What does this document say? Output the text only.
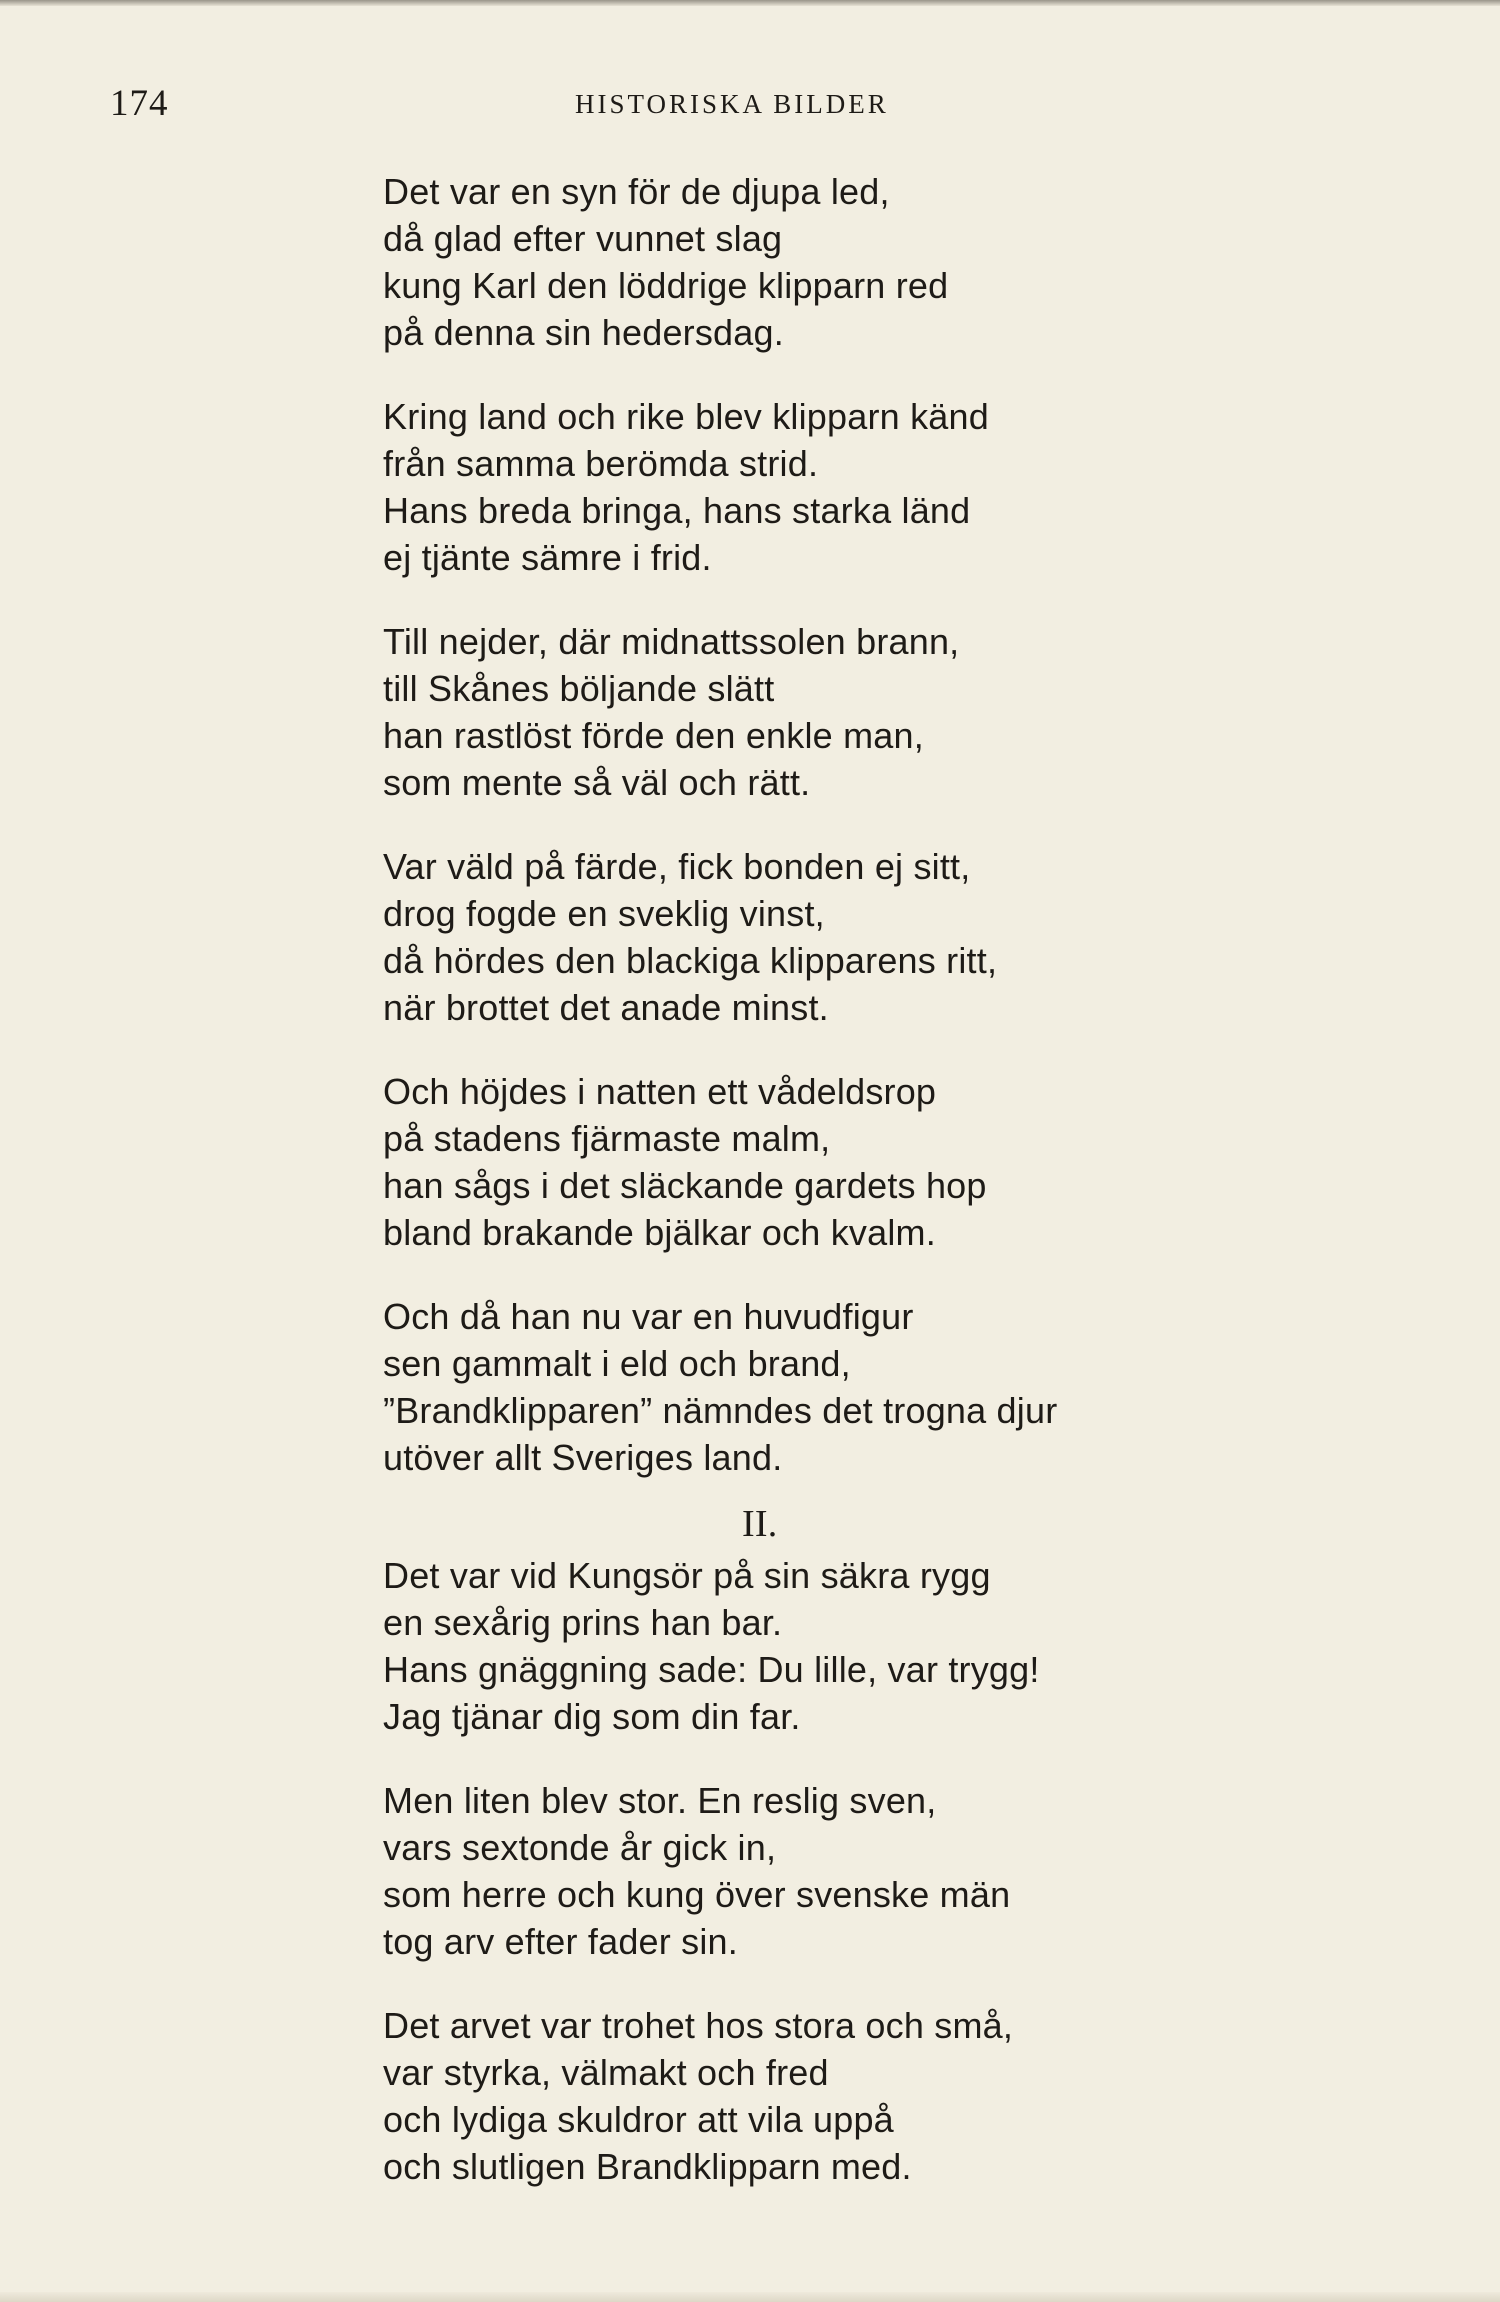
174	HISTORISKA BILDER
Det var en syn för de djupa led,
då glad efter vunnet slag
kung Karl den löddrige klipparn red
på denna sin hedersdag.
Kring land och rike blev klipparn känd
från samma berömda strid.
Hans breda bringa, hans starka länd
ej tjänte sämre i frid.
Till nejder, där midnattssolen brann,
till Skånes böljande slätt
han rastlöst förde den enkle man,
som mente så väl och rätt.
Var väld på färde, fick bonden ej sitt,
drog fogde en sveklig vinst,
då hördes den blackiga klipparens ritt,
när brottet det anade minst.
Och höjdes i natten ett vådeldsrop
på stadens fjärmaste malm,
han sågs i det släckande gardets hop
bland brakande bjälkar och kvalm.
Och då han nu var en huvudfigur
sen gammalt i eld och brand,
”Brandklipparen” nämndes det trogna djur
utöver allt Sveriges land.
II.
Det var vid Kungsör på sin säkra rygg
en sexårig prins han bar.
Hans gnäggning sade: Du lille, var trygg!
Jag tjänar dig som din far.
Men liten blev stor. En reslig sven,
vars sextonde år gick in,
som herre och kung över svenske män
tog arv efter fader sin.
Det arvet var trohet hos stora och små,
var styrka, välmakt och fred
och lydiga skuldror att vila uppå
och slutligen Brandklipparn med.
